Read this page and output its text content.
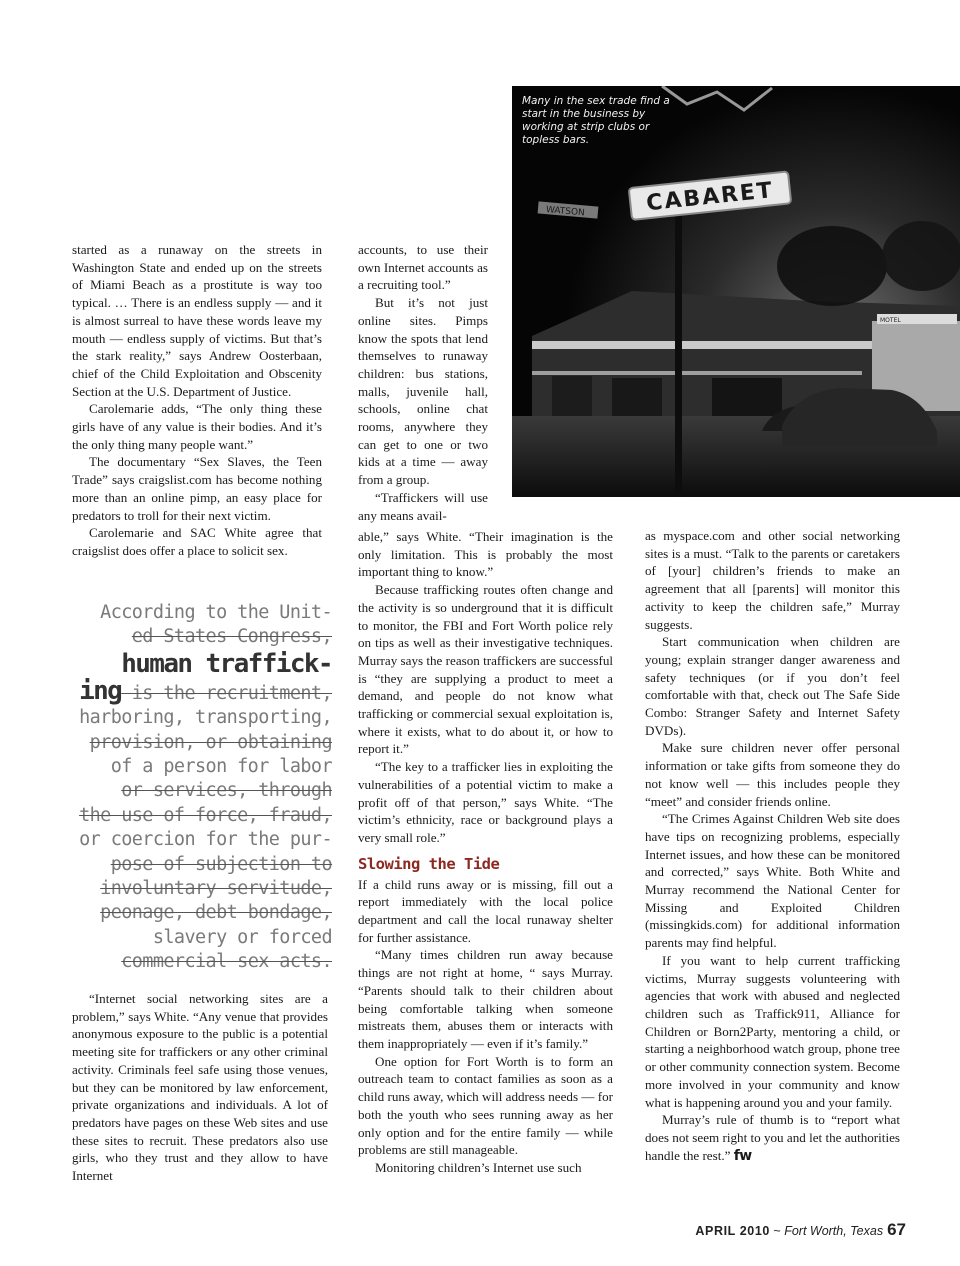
WATSON	CABARET
MOTEL
Many in the sex trade find a start in the business by working at strip clubs or topless bars.

started as a runaway on the streets in Washington State and ended up on the streets of Miami Beach as a prostitute is way too typical. … There is an endless supply — and it is almost surreal to have these words leave my mouth — endless supply of victims. But that’s the stark reality,” says Andrew Oosterbaan, chief of the Child Exploitation and Obscenity Section at the U.S. Department of Justice.

Carolemarie adds, “The only thing these girls have of any value is their bodies. And it’s the only thing many people want.”

The documentary “Sex Slaves, the Teen Trade” says craigslist.com has become nothing more than an online pimp, an easy place for predators to troll for their next victim.

Carolemarie and SAC White agree that craigslist does offer a place to solicit sex.

According to the Unit-
ed States Congress,
human traffick-
ing is the recruitment,
harboring, transporting,
provision, or obtaining
of a person for labor
or services, through
the use of force, fraud,
or coercion for the pur-
pose of subjection to
involuntary servitude,
peonage, debt bondage,
slavery or forced
commercial sex acts.

“Internet social networking sites are a problem,” says White. “Any venue that provides anonymous exposure to the public is a potential meeting site for traffickers or any other criminal activity. Criminals feel safe using those venues, but they can be monitored by law enforcement, private organizations and individuals. A lot of predators have pages on these Web sites and use these sites to recruit. These predators also use girls, who they trust and they allow to have Internet

accounts, to use their own Internet accounts as a recruiting tool.”

But it’s not just online sites. Pimps know the spots that lend themselves to runaway children: bus stations, malls, juvenile hall, schools, online chat rooms, anywhere they can get to one or two kids at a time — away from a group.

“Traffickers will use any means avail-

able,” says White. “Their imagination is the only limitation. This is probably the most important thing to know.”

Because trafficking routes often change and the activity is so underground that it is difficult to monitor, the FBI and Fort Worth police rely on tips as well as their investigative techniques. Murray says the reason traffickers are successful is “they are supplying a product to meet a demand, and people do not know what trafficking or commercial sexual exploitation is, where it exists, what to do about it, or how to report it.”

“The key to a trafficker lies in exploiting the vulnerabilities of a potential victim to make a profit off of that person,” says White. “The victim’s ethnicity, race or background plays a very small role.”

Slowing the Tide

If a child runs away or is missing, fill out a report immediately with the local police department and call the local runaway shelter for further assistance.

“Many times children run away because things are not right at home, “ says Murray. “Parents should talk to their children about being comfortable talking when someone mistreats them, abuses them or interacts with them inappropriately — even if it’s family.”

One option for Fort Worth is to form an outreach team to contact families as soon as a child runs away, which will address needs — for both the youth who sees running away as her only option and for the entire family — while problems are still manageable.

Monitoring children’s Internet use such

as myspace.com and other social networking sites is a must. “Talk to the parents or caretakers of [your] children’s friends to make an agreement that all [parents] will monitor this activity to keep the children safe,” Murray suggests.

Start communication when children are young; explain stranger danger awareness and safety techniques (or if you don’t feel comfortable with that, check out The Safe Side Combo: Stranger Safety and Internet Safety DVDs).

Make sure children never offer personal information or take gifts from someone they do not know well — this includes people they “meet” and consider friends online.

“The Crimes Against Children Web site does have tips on recognizing problems, especially Internet issues, and how these can be monitored and corrected,” says White. Both White and Murray recommend the National Center for Missing and Exploited Children (missingkids.com) for additional information parents may find helpful.

If you want to help current trafficking victims, Murray suggests volunteering with agencies that work with abused and neglected children such as Traffick911, Alliance for Children or Born2Party, mentoring a child, or starting a neighborhood watch group, phone tree or other community connection system. Become more involved in your community and know what is happening around you and your family.

Murray’s rule of thumb is to “report what does not seem right to you and let the authorities handle the rest.” fw

APRIL 2010 ~ Fort Worth, Texas 67
